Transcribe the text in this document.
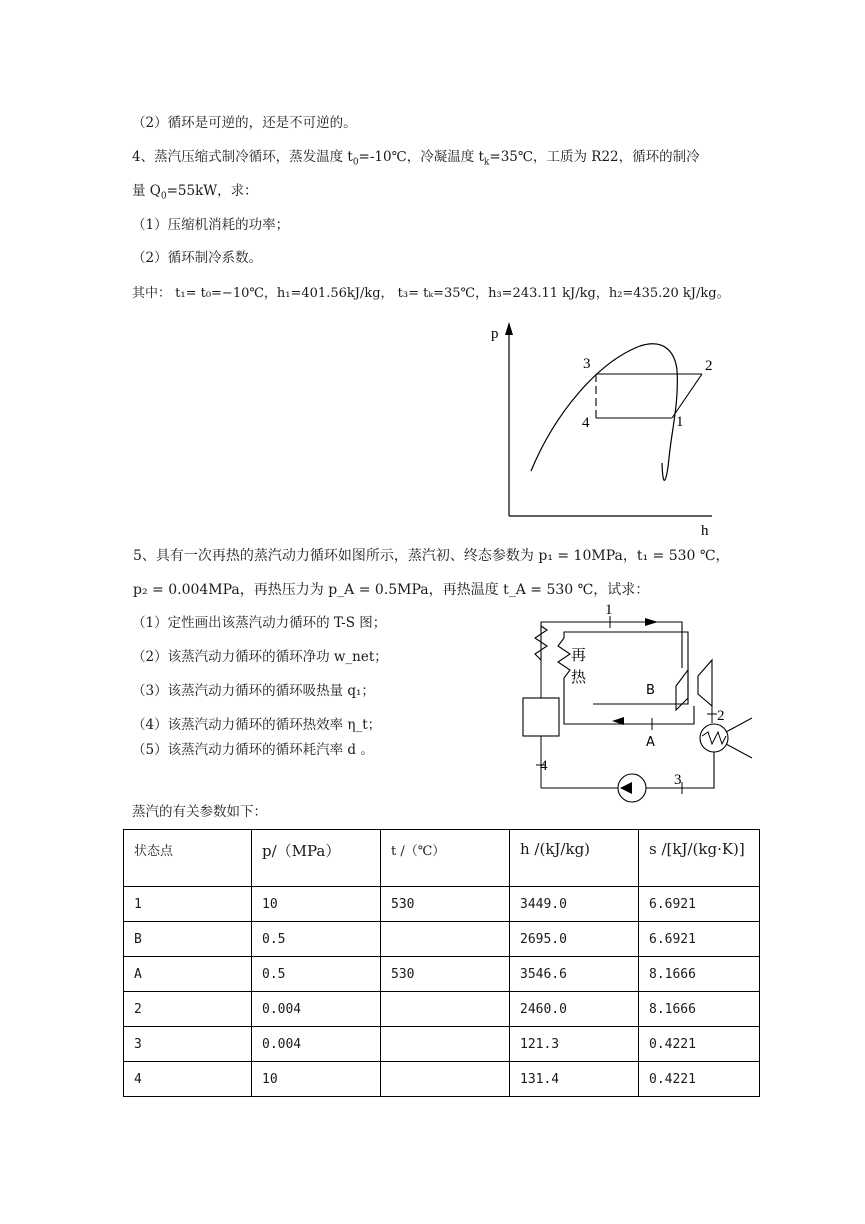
（2）循环是可逆的，还是不可逆的。
4、蒸汽压缩式制冷循环，蒸发温度 $t_0=-10℃$，冷凝温度 $t_k=35℃$，工质为 R22，循环的制冷
量 $Q_0=55kW$，求：
（1）压缩机消耗的功率；
（2）循环制冷系数。
其中： t₁= t₀=−10℃，h₁=401.56kJ/kg， t₃= tₖ=35℃，h₃=243.11 kJ/kg，h₂=435.20 kJ/kg。
p
h
3	2
4	1
5、具有一次再热的蒸汽动力循环如图所示，蒸汽初、终态参数为 p₁ = 10MPa，t₁ = 530 ℃，
p₂ = 0.004MPa，再热压力为 p_A = 0.5MPa，再热温度 t_A = 530 ℃，试求：
（1）定性画出该蒸汽动力循环的 T-S 图；
（2）该蒸汽动力循环的循环净功 w_net；
（3）该蒸汽动力循环的循环吸热量 q₁；
（4）该蒸汽动力循环的循环热效率 η_t；
（5）该蒸汽动力循环的循环耗汽率 d 。
1
4
再
热
A
B
2
3
蒸汽的有关参数如下：
状态点	p/（MPa）	t /（℃）	h /(kJ/kg)	s /[kJ/(kg·K)]
1	10	530	3449.0	6.6921
B	0.5		2695.0	6.6921
A	0.5	530	3546.6	8.1666
2	0.004		2460.0	8.1666
3	0.004		121.3	0.4221
4	10		131.4	0.4221
